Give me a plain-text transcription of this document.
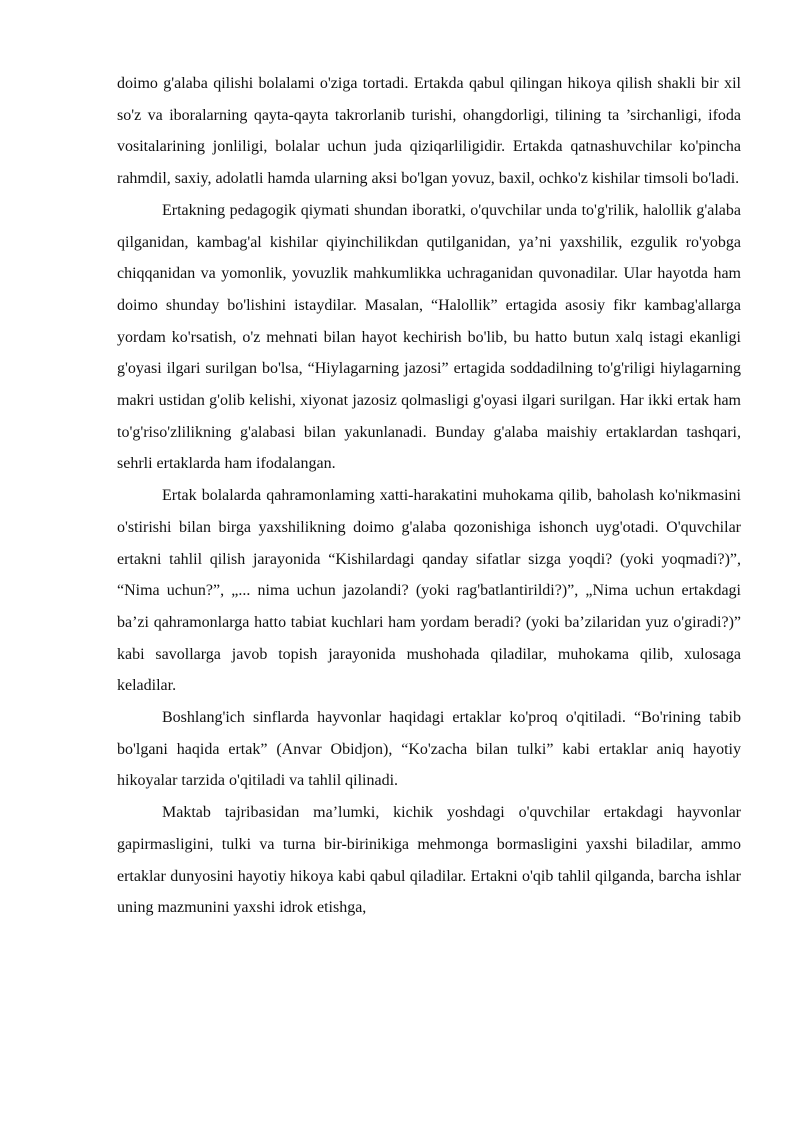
doimo g'alaba qilishi bolalami o'ziga tortadi. Ertakda qabul qilingan hikoya qilish shakli bir xil so'z va iboralarning qayta-qayta takrorlanib turishi, ohangdorligi, tilining ta ’sirchanligi, ifoda vositalarining jonliligi, bolalar uchun juda qiziqarliligidir. Ertakda qatnashuvchilar ko'pincha rahmdil, saxiy, adolatli hamda ularning aksi bo'lgan yovuz, baxil, ochko'z kishilar timsoli bo'ladi.

Ertakning pedagogik qiymati shundan iboratki, o'quvchilar unda to'g'rilik, halollik g'alaba qilganidan, kambag'al kishilar qiyinchilikdan qutilganidan, ya’ni yaxshilik, ezgulik ro'yobga chiqqanidan va yomonlik, yovuzlik mahkumlikka uchraganidan quvonadilar. Ular hayotda ham doimo shunday bo'lishini istaydilar. Masalan, “Halollik” ertagida asosiy fikr kambag'allarga yordam ko'rsatish, o'z mehnati bilan hayot kechirish bo'lib, bu hatto butun xalq istagi ekanligi g'oyasi ilgari surilgan bo'lsa, “Hiylagarning jazosi” ertagida soddadilning to'g'riligi hiylagarning makri ustidan g'olib kelishi, xiyonat jazosiz qolmasligi g'oyasi ilgari surilgan. Har ikki ertak ham to'g'riso'zlilikning g'alabasi bilan yakunlanadi. Bunday g'alaba maishiy ertaklardan tashqari, sehrli ertaklarda ham ifodalangan.

Ertak bolalarda qahramonlaming xatti-harakatini muhokama qilib, baholash ko'nikmasini o'stirishi bilan birga yaxshilikning doimo g'alaba qozonishiga ishonch uyg'otadi. O'quvchilar ertakni tahlil qilish jarayonida “Kishilardagi qanday sifatlar sizga yoqdi? (yoki yoqmadi?)”, “Nima uchun?”, „... nima uchun jazolandi? (yoki rag'batlantirildi?)”, „Nima uchun ertakdagi ba’zi qahramonlarga hatto tabiat kuchlari ham yordam beradi? (yoki ba’zilaridan yuz o'giradi?)” kabi savollarga javob topish jarayonida mushohada qiladilar, muhokama qilib, xulosaga keladilar.

Boshlang'ich sinflarda hayvonlar haqidagi ertaklar ko'proq o'qitiladi. “Bo'rining tabib bo'lgani haqida ertak” (Anvar Obidjon), “Ko'zacha bilan tulki” kabi ertaklar aniq hayotiy hikoyalar tarzida o'qitiladi va tahlil qilinadi.

Maktab tajribasidan ma’lumki, kichik yoshdagi o'quvchilar ertakdagi hayvonlar gapirmasligini, tulki va turna bir-birinikiga mehmonga bormasligini yaxshi biladilar, ammo ertaklar dunyosini hayotiy hikoya kabi qabul qiladilar. Ertakni o'qib tahlil qilganda, barcha ishlar uning mazmunini yaxshi idrok etishga,
